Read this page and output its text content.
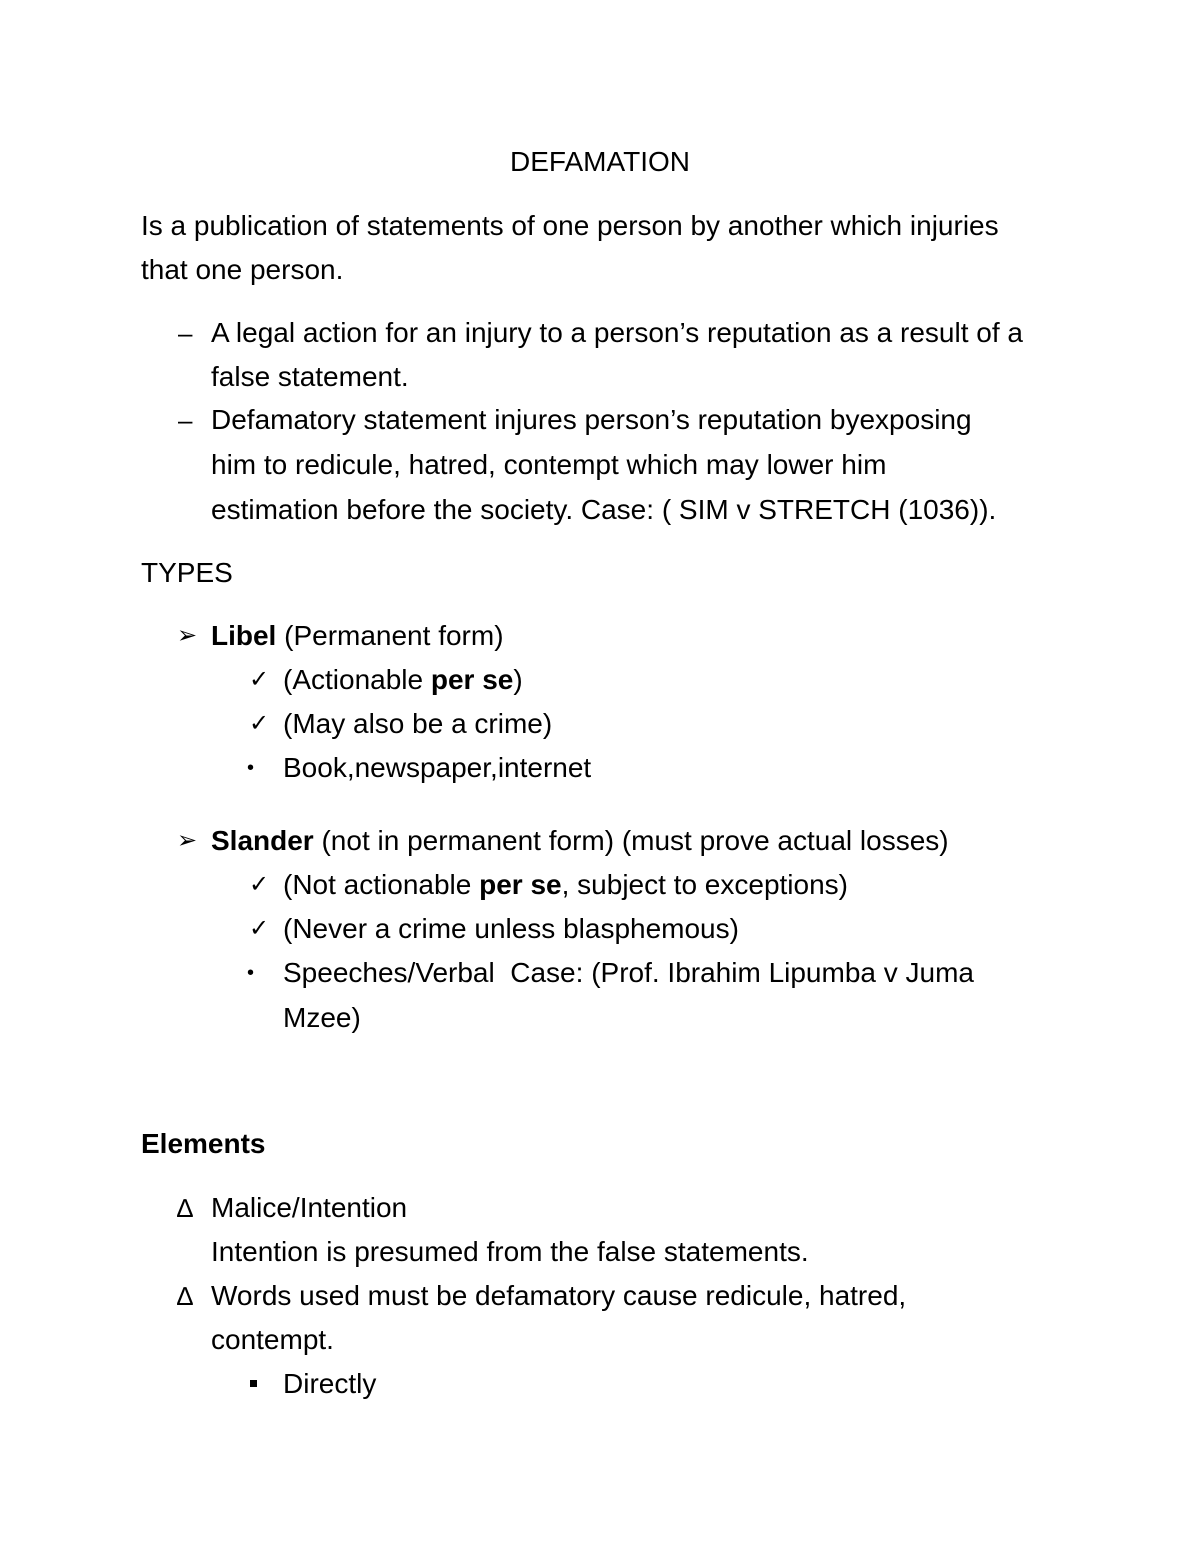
DEFAMATION
Is a publication of statements of one person by another which injuries
that one person.
– A legal action for an injury to a person’s reputation as a result of a
false statement.
– Defamatory statement injures person’s reputation byexposing
him to redicule, hatred, contempt which may lower him
estimation before the society. Case: ( SIM v STRETCH (1036)).
TYPES
➢ Libel (Permanent form)
✓ (Actionable per se)
✓ (May also be a crime)
• Book,newspaper,internet
➢ Slander (not in permanent form) (must prove actual losses)
✓ (Not actionable per se, subject to exceptions)
✓ (Never a crime unless blasphemous)
• Speeches/Verbal  Case: (Prof. Ibrahim Lipumba v Juma
Mzee)
Elements
∆ Malice/Intention
Intention is presumed from the false statements.
∆ Words used must be defamatory cause redicule, hatred,
contempt.
Directly
